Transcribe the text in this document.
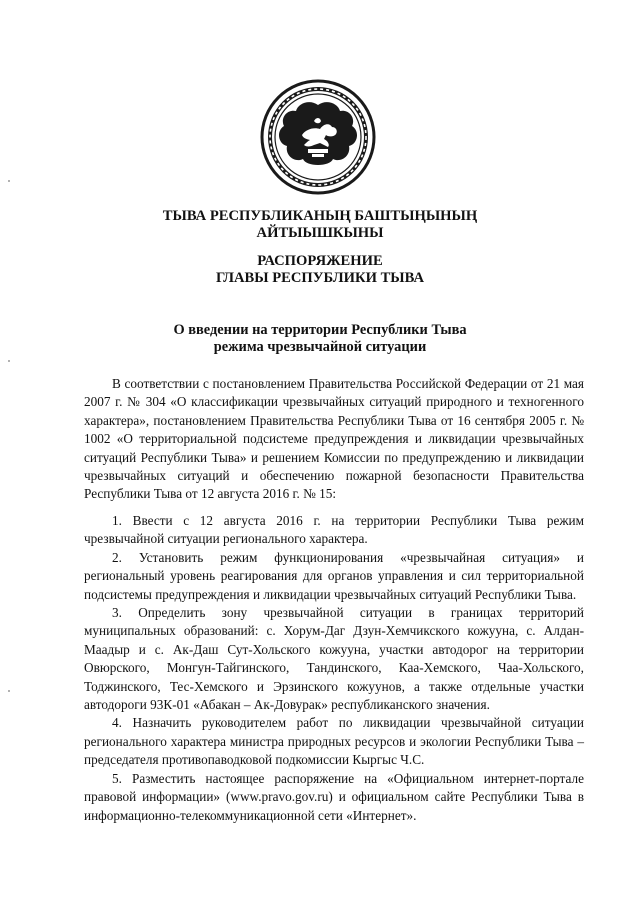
ТЫВА РЕСПУБЛИКАНЫҢ БАШТЫҢЫНЫҢ
АЙТЫЫШКЫНЫ
РАСПОРЯЖЕНИЕ
ГЛАВЫ РЕСПУБЛИКИ ТЫВА
О введении на территории Республики Тыва
режима чрезвычайной ситуации

В соответствии с постановлением Правительства Российской Федерации от 21 мая 2007 г. № 304 «О классификации чрезвычайных ситуаций природного и техногенного характера», постановлением Правительства Республики Тыва от 16 сентября 2005 г. № 1002 «О территориальной подсистеме предупреждения и ликвидации чрезвычайных ситуаций Республики Тыва» и решением Комиссии по предупреждению и ликвидации чрезвычайных ситуаций и обеспечению пожарной безопасности Правительства Республики Тыва от 12 августа 2016 г. № 15:

1. Ввести с 12 августа 2016 г. на территории Республики Тыва режим чрезвычайной ситуации регионального характера.

2. Установить режим функционирования «чрезвычайная ситуация» и региональный уровень реагирования для органов управления и сил территориальной подсистемы предупреждения и ликвидации чрезвычайных ситуаций Республики Тыва.

3. Определить зону чрезвычайной ситуации в границах территорий муниципальных образований: с. Хорум-Даг Дзун-Хемчикского кожууна, с. Алдан-Маадыр и с. Ак-Даш Сут-Хольского кожууна, участки автодорог на территории Овюрского, Монгун-Тайгинского, Тандинского, Каа-Хемского, Чаа-Хольского, Тоджинского, Тес-Хемского и Эрзинского кожуунов, а также отдельные участки автодороги 93К-01 «Абакан – Ак-Довурак» республиканского значения.

4. Назначить руководителем работ по ликвидации чрезвычайной ситуации регионального характера министра природных ресурсов и экологии Республики Тыва – председателя противопаводковой подкомиссии Кыргыс Ч.С.

5. Разместить настоящее распоряжение на «Официальном интернет-портале правовой информации» (www.pravo.gov.ru) и официальном сайте Республики Тыва в информационно-телекоммуникационной сети «Интернет».
